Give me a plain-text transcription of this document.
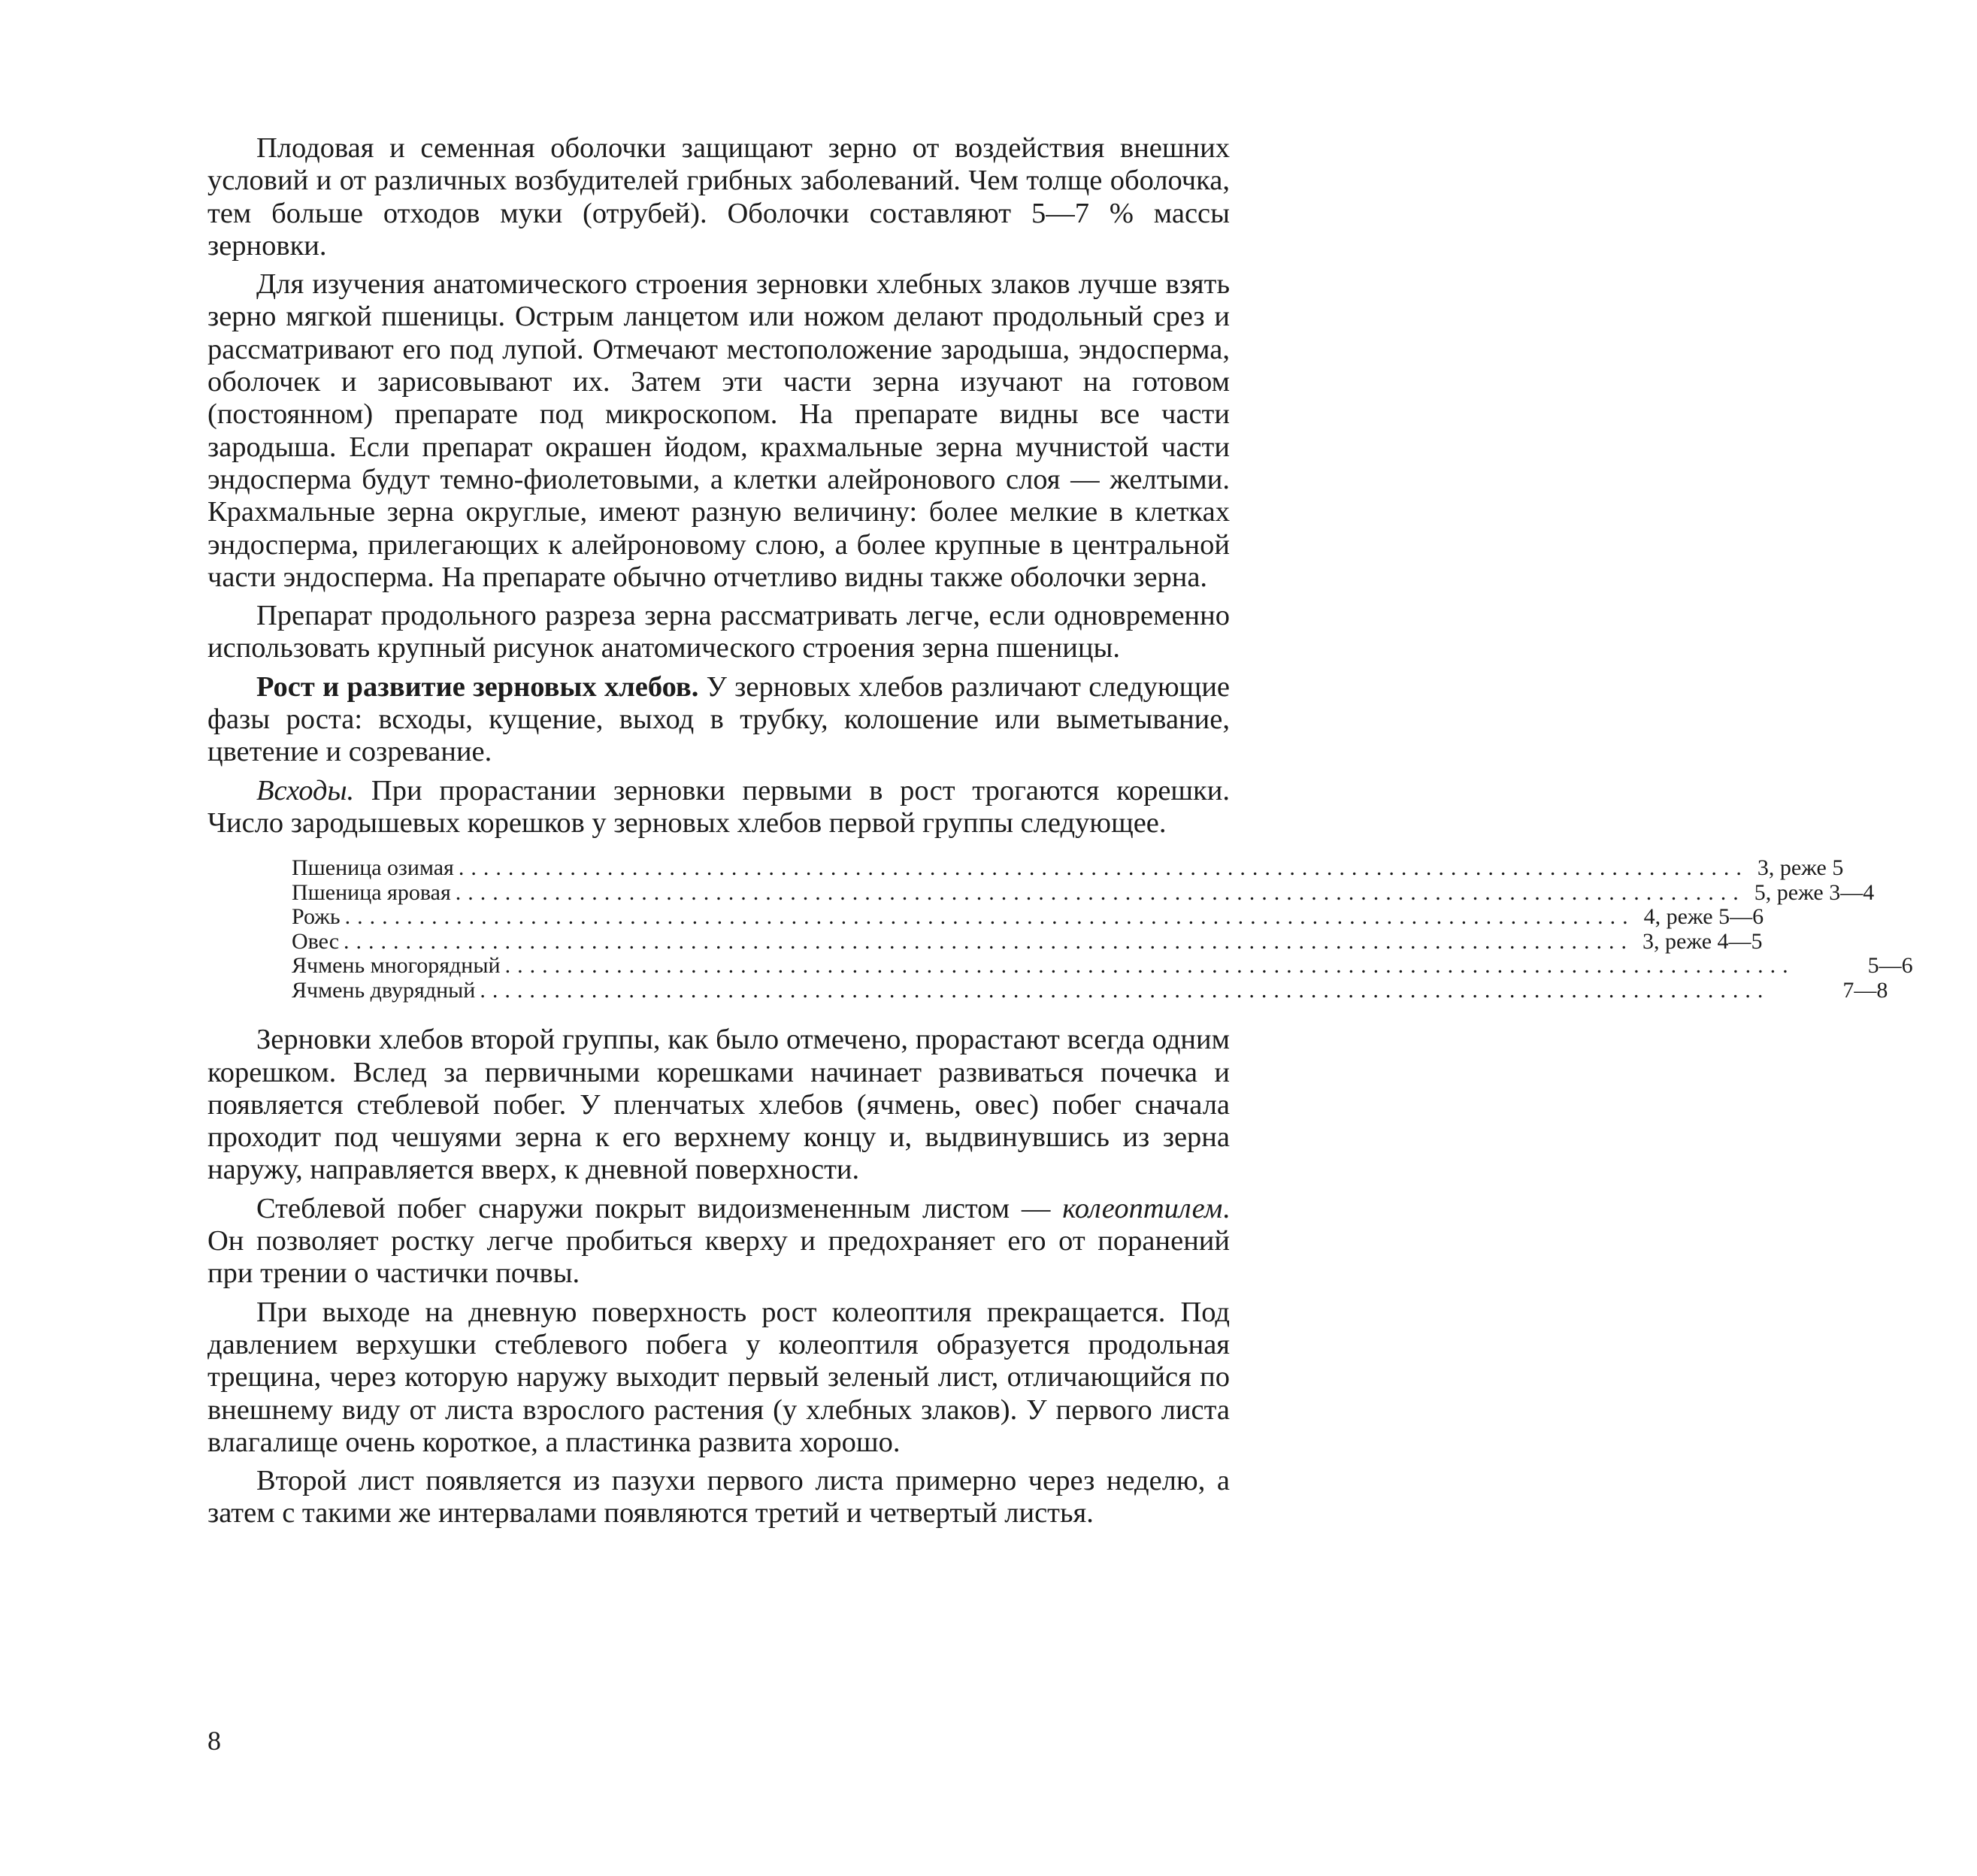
Плодовая и семенная оболочки защищают зерно от воздействия внешних условий и от различных возбудителей грибных заболеваний. Чем толще оболочка, тем больше отходов муки (отрубей). Оболочки составляют 5—7 % массы зерновки.

Для изучения анатомического строения зерновки хлебных злаков лучше взять зерно мягкой пшеницы. Острым ланцетом или ножом делают продольный срез и рассматривают его под лупой. Отмечают местоположение зародыша, эндосперма, оболочек и зарисовывают их. Затем эти части зерна изучают на готовом (постоянном) препарате под микроскопом. На препарате видны все части зародыша. Если препарат окрашен йодом, крахмальные зерна мучнистой части эндосперма будут темно-фиолетовыми, а клетки алейронового слоя — желтыми. Крахмальные зерна округлые, имеют разную величину: более мелкие в клетках эндосперма, прилегающих к алейроновому слою, а более крупные в центральной части эндосперма. На препарате обычно отчетливо видны также оболочки зерна.

Препарат продольного разреза зерна рассматривать легче, если одновременно использовать крупный рисунок анатомического строения зерна пшеницы.

Рост и развитие зерновых хлебов. У зерновых хлебов различают следующие фазы роста: всходы, кущение, выход в трубку, колошение или выметывание, цветение и созревание.

Всходы. При прорастании зерновки первыми в рост трогаются корешки. Число зародышевых корешков у зерновых хлебов первой группы следующее.

Пшеница озимая ........................................................................................................ 3, реже 5
Пшеница яровая ........................................................................................................ 5, реже 3—4
Рожь ........................................................................................................ 4, реже 5—6
Овес ........................................................................................................ 3, реже 4—5
Ячмень многорядный ........................................................................................................	5—6
Ячмень двурядный ........................................................................................................	7—8

Зерновки хлебов второй группы, как было отмечено, прорастают всегда одним корешком. Вслед за первичными корешками начинает развиваться почечка и появляется стеблевой побег. У пленчатых хлебов (ячмень, овес) побег сначала проходит под чешуями зерна к его верхнему концу и, выдвинувшись из зерна наружу, направляется вверх, к дневной поверхности.

Стеблевой побег снаружи покрыт видоизмененным листом — колеоптилем. Он позволяет ростку легче пробиться кверху и предохраняет его от поранений при трении о частички почвы.

При выходе на дневную поверхность рост колеоптиля прекращается. Под давлением верхушки стеблевого побега у колеоптиля образуется продольная трещина, через которую наружу выходит первый зеленый лист, отличающийся по внешнему виду от листа взрослого растения (у хлебных злаков). У первого листа влагалище очень короткое, а пластинка развита хорошо.

Второй лист появляется из пазухи первого листа примерно через неделю, а затем с такими же интервалами появляются третий и четвертый листья.

8
